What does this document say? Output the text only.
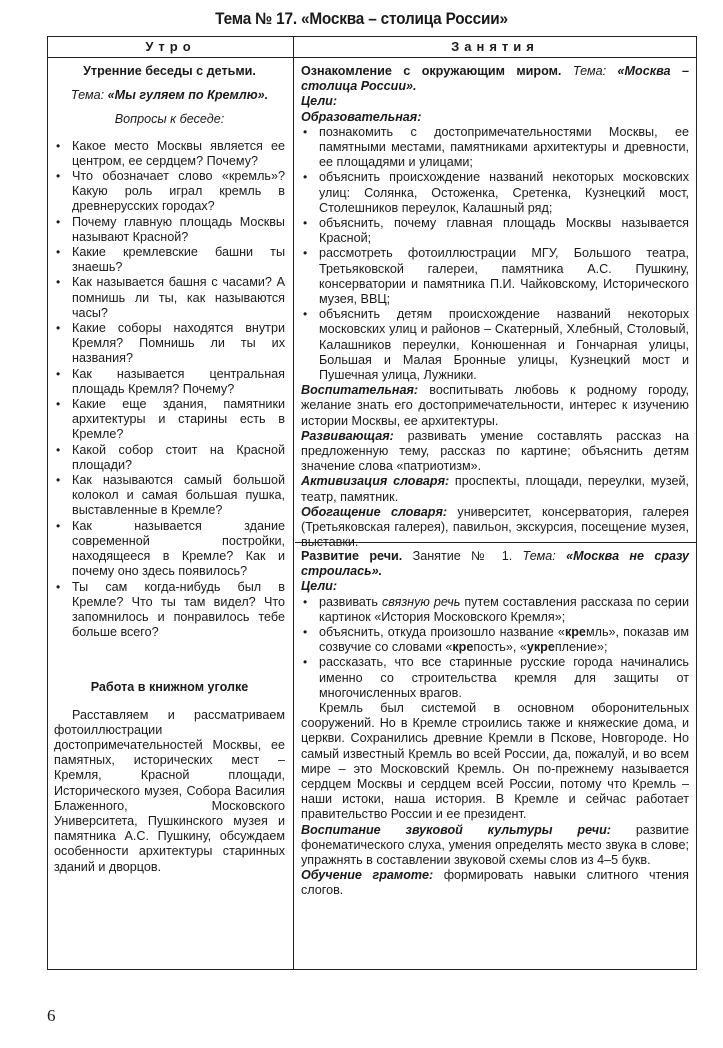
Тема № 17. «Москва – столица России»
Утро	Занятия
Утренние беседы с детьми.
Тема: «Мы гуляем по Кремлю».
Вопросы к беседе:
• Какое место Москвы является ее центром, ее сердцем? Почему?
• Что обозначает слово «кремль»? Какую роль играл кремль в древнерусских городах?
• Почему главную площадь Москвы называют Красной?
• Какие кремлевские башни ты знаешь?
• Как называется башня с часами? А помнишь ли ты, как называются часы?
• Какие соборы находятся внутри Кремля? Помнишь ли ты их названия?
• Как называется центральная площадь Кремля? Почему?
• Какие еще здания, памятники архитектуры и старины есть в Кремле?
• Какой собор стоит на Красной площади?
• Как называются самый большой колокол и самая большая пушка, выставленные в Кремле?
• Как называется здание современной постройки, находящееся в Кремле? Как и почему оно здесь появилось?
• Ты сам когда-нибудь был в Кремле? Что ты там видел? Что запомнилось и понравилось тебе больше всего?
Работа в книжном уголке

Расставляем и рассматриваем фотоиллюстрации достопримечательностей Москвы, ее памятных, исторических мест – Кремля, Красной площади, Исторического музея, Собора Василия Блаженного, Московского Университета, Пушкинского музея и памятника А.С. Пушкину, обсуждаем особенности архитектуры старинных зданий и дворцов.

Ознакомление с окружающим миром. Тема: «Москва – столица России».

Цели:

Образовательная:

• познакомить с достопримечательностями Москвы, ее памятными местами, памятниками архитектуры и древности, ее площадями и улицами;
• объяснить происхождение названий некоторых московских улиц: Солянка, Остоженка, Сретенка, Кузнецкий мост, Столешников переулок, Калашный ряд;
• объяснить, почему главная площадь Москвы называется Красной;
• рассмотреть фотоиллюстрации МГУ, Большого театра, Третьяковской галереи, памятника А.С. Пушкину, консерватории и памятника П.И. Чайковскому, Исторического музея, ВВЦ;
• объяснить детям происхождение названий некоторых московских улиц и районов – Скатерный, Хлебный, Столовый, Калашников переулки, Конюшенная и Гончарная улицы, Большая и Малая Бронные улицы, Кузнецкий мост и Пушечная улица, Лужники.

Воспитательная: воспитывать любовь к родному городу, желание знать его достопримечательности, интерес к изучению истории Москвы, ее архитектуры.

Развивающая: развивать умение составлять рассказ на предложенную тему, рассказ по картине; объяснить детям значение слова «патриотизм».

Активизация словаря: проспекты, площади, переулки, музей, театр, памятник.

Обогащение словаря: университет, консерватория, галерея (Третьяковская галерея), павильон, экскурсия, посещение музея, выставки.

Развитие речи. Занятие № 1. Тема: «Москва не сразу строилась».

Цели:

• развивать связную речь путем составления рассказа по серии картинок «История Московского Кремля»;
• объяснить, откуда произошло название «кремль», показав им созвучие со словами «крепость», «укрепление»;
• рассказать, что все старинные русские города начинались именно со строительства кремля для защиты от многочисленных врагов.

Кремль был системой в основном оборонительных сооружений. Но в Кремле строились также и княжеские дома, и церкви. Сохранились древние Кремли в Пскове, Новгороде. Но самый известный Кремль во всей России, да, пожалуй, и во всем мире – это Московский Кремль. Он по-прежнему называется сердцем Москвы и сердцем всей России, потому что Кремль – наши истоки, наша история. В Кремле и сейчас работает правительство России и ее президент.

Воспитание звуковой культуры речи: развитие фонематического слуха, умения определять место звука в слове; упражнять в составлении звуковой схемы слов из 4–5 букв.

Обучение грамоте: формировать навыки слитного чтения слогов.

6
